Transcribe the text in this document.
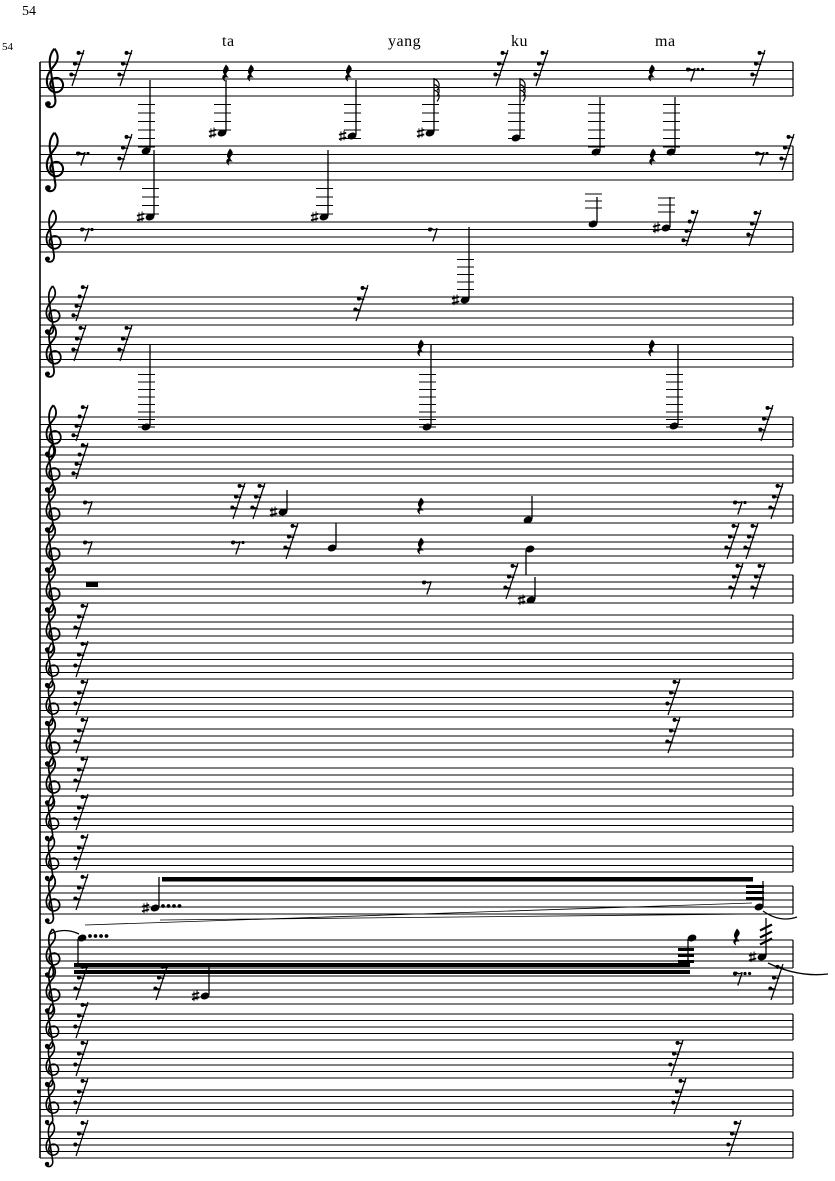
54
54	ta	yang	ku	ma
